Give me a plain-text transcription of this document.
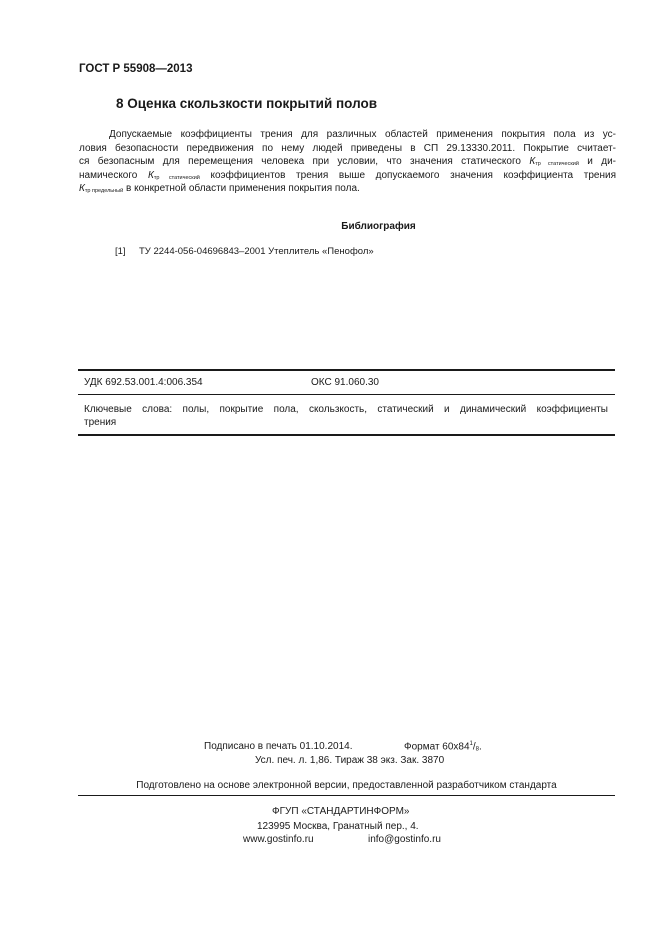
ГОСТ Р 55908—2013
8 Оценка скользкости покрытий полов
Допускаемые коэффициенты трения для различных областей применения покрытия пола из ус-
ловия безопасности передвижения по нему людей приведены в СП 29.13330.2011. Покрытие считает-
ся безопасным для перемещения человека при условии, что значения статического $К_{тр статический}$ и ди-
намического $К_{тр статический}$ коэффициентов трения выше допускаемого значения коэффициента трения
$К_{тр предельный}$ в конкретной области применения покрытия пола.
Библиография
[1] ТУ 2244-056-04696843–2001 Утеплитель «Пенофол»
УДК 692.53.001.4:006.354	ОКС 91.060.30
Ключевые слова: полы, покрытие пола, скользкость, статический и динамический коэффициенты
трения
Подписано в печать 01.10.2014.	Формат $60x84^1/_8$.
Усл. печ. л. 1,86. Тираж 38 экз. Зак. 3870
Подготовлено на основе электронной версии, предоставленной разработчиком стандарта
ФГУП «СТАНДАРТИНФОРМ»
123995 Москва, Гранатный пер., 4.
www.gostinfo.ru	info@gostinfo.ru
